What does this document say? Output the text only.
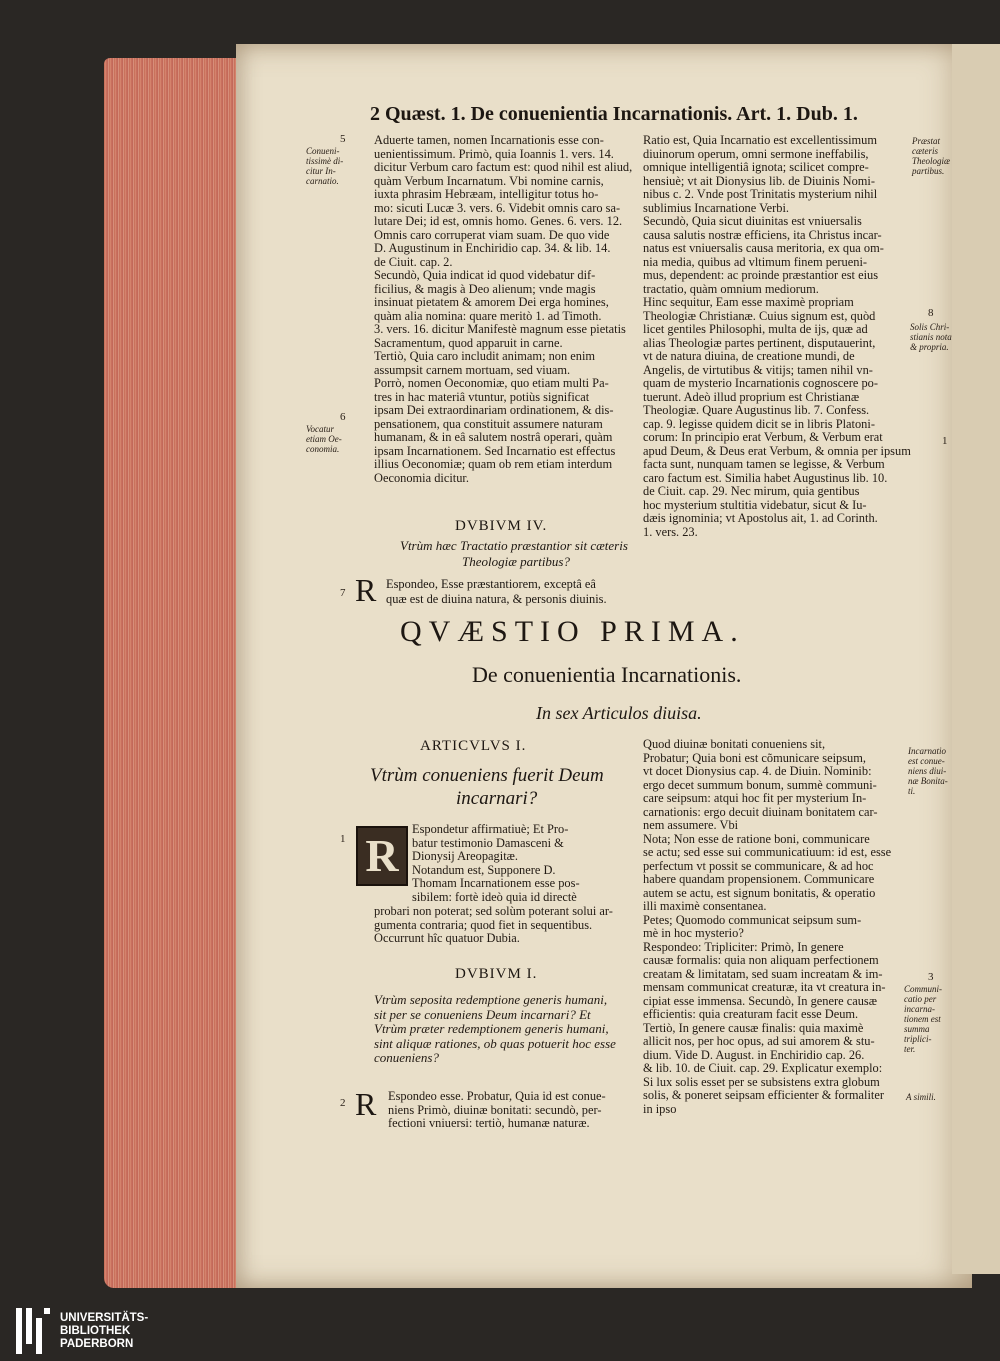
2 Quæst. 1. De conuenientia Incarnationis. Art. 1. Dub. 1.

Aduerte tamen, nomen Incarnationis esse con-

uenientissimum. Primò, quia Ioannis 1. vers. 14.

dicitur Verbum caro factum est: quod nihil est aliud,

quàm Verbum Incarnatum. Vbi nomine carnis,

iuxta phrasim Hebræam, intelligitur totus ho-

mo: sicuti Lucæ 3. vers. 6. Videbit omnis caro sa-

lutare Dei; id est, omnis homo. Genes. 6. vers. 12.

Omnis caro corruperat viam suam. De quo vide

D. Augustinum in Enchiridio cap. 34. & lib. 14.

de Ciuit. cap. 2.

Secundò, Quia indicat id quod videbatur dif-

ficilius, & magis à Deo alienum; vnde magis

insinuat pietatem & amorem Dei erga homines,

quàm alia nomina: quare meritò 1. ad Timoth.

3. vers. 16. dicitur Manifestè magnum esse pietatis

Sacramentum, quod apparuit in carne.

Tertiò, Quia caro includit animam; non enim

assumpsit carnem mortuam, sed viuam.

Porrò, nomen Oeconomiæ, quo etiam multi Pa-

tres in hac materiâ vtuntur, potiùs significat

ipsam Dei extraordinariam ordinationem, & dis-

pensationem, qua constituit assumere naturam

humanam, & in eâ salutem nostrâ operari, quàm

ipsam Incarnationem. Sed Incarnatio est effectus

illius Oeconomiæ; quam ob rem etiam interdum

Oeconomia dicitur.

Ratio est, Quia Incarnatio est excellentissimum

diuinorum operum, omni sermone ineffabilis,

omnique intelligentiâ ignota; scilicet compre-

hensiuè; vt ait Dionysius lib. de Diuinis Nomi-

nibus c. 2. Vnde post Trinitatis mysterium nihil

sublimius Incarnatione Verbi.

Secundò, Quia sicut diuinitas est vniuersalis

causa salutis nostræ efficiens, ita Christus incar-

natus est vniuersalis causa meritoria, ex qua om-

nia media, quibus ad vltimum finem perueni-

mus, dependent: ac proinde præstantior est eius

tractatio, quàm omnium mediorum.

Hinc sequitur, Eam esse maximè propriam

Theologiæ Christianæ. Cuius signum est, quòd

licet gentiles Philosophi, multa de ijs, quæ ad

alias Theologiæ partes pertinent, disputauerint,

vt de natura diuina, de creatione mundi, de

Angelis, de virtutibus & vitijs; tamen nihil vn-

quam de mysterio Incarnationis cognoscere po-

tuerunt. Adeò illud proprium est Christianæ

Theologiæ. Quare Augustinus lib. 7. Confess.

cap. 9. legisse quidem dicit se in libris Platoni-

corum: In principio erat Verbum, & Verbum erat

apud Deum, & Deus erat Verbum, & omnia per ipsum

facta sunt, nunquam tamen se legisse, & Verbum

caro factum est. Similia habet Augustinus lib. 10.

de Ciuit. cap. 29. Nec mirum, quia gentibus

hoc mysterium stultitia videbatur, sicut & Iu-

dæis ignominia; vt Apostolus ait, 1. ad Corinth.

1. vers. 23.

DVBIVM IV.
Vtrùm hæc Tractatio præstantior sit cæteris
Theologiæ partibus?
R Espondeo, Esse præstantiorem, exceptâ eâ
quæ est de diuina natura, & personis diuinis.
QVÆSTIO PRIMA.
De conuenientia Incarnationis.
In sex Articulos diuisa.
ARTICVLVS I.
Vtrùm conueniens fuerit Deum
incarnari?
R

Espondetur affirmatiuè; Et Pro-

batur testimonio Damasceni &

Dionysij Areopagitæ.

Notandum est, Supponere D.

Thomam Incarnationem esse pos-

sibilem: fortè ideò quia id directè

probari non poterat; sed solùm poterant solui ar-

gumenta contraria; quod fiet in sequentibus.

Occurrunt hîc quatuor Dubia.

DVBIVM I.

Vtrùm seposita redemptione generis humani,

sit per se conueniens Deum incarnari? Et

Vtrùm præter redemptionem generis humani,

sint aliquæ rationes, ob quas potuerit hoc esse

conueniens?

R Espondeo esse. Probatur, Quia id est conue-

niens Primò, diuinæ bonitati: secundò, per-

fectioni vniuersi: tertiò, humanæ naturæ.

Quod diuinæ bonitati conueniens sit,

Probatur; Quia boni est cõmunicare seipsum,

vt docet Dionysius cap. 4. de Diuin. Nominib:

ergo decet summum bonum, summè communi-

care seipsum: atqui hoc fit per mysterium In-

carnationis: ergo decuit diuinam bonitatem car-

nem assumere. Vbi

Nota; Non esse de ratione boni, communicare

se actu; sed esse sui communicatiuum: id est, esse

perfectum vt possit se communicare, & ad hoc

habere quandam propensionem. Communicare

autem se actu, est signum bonitatis, & operatio

illi maximè consentanea.

Petes; Quomodo communicat seipsum sum-

mè in hoc mysterio?

Respondeo: Tripliciter: Primò, In genere

causæ formalis: quia non aliquam perfectionem

creatam & limitatam, sed suam increatam & im-

mensam communicat creaturæ, ita vt creatura in-

cipiat esse immensa. Secundò, In genere causæ

efficientis: quia creaturam facit esse Deum.

Tertiò, In genere causæ finalis: quia maximè

allicit nos, per hoc opus, ad sui amorem & stu-

dium. Vide D. August. in Enchiridio cap. 26.

& lib. 10. de Ciuit. cap. 29. Explicatur exemplo:

Si lux solis esset per se subsistens extra globum

solis, & poneret seipsam efficienter & formaliter

in ipso

5
Conueni-
tissimè di-
citur In-
carnatio.
6
Vocatur
etiam Oe-
conomia.
7
Præstat
cæteris
Theologiæ
partibus.
8
Solis Chri-
stianis nota
& propria.
1
1
2
Incarnatio
est conue-
niens diui-
næ Bonita-
ti.
3
Communi-
catio per
incarna-
tionem est
summa
triplici-
ter.
A simili.
UNIVERSITÄTS-
BIBLIOTHEK
PADERBORN
